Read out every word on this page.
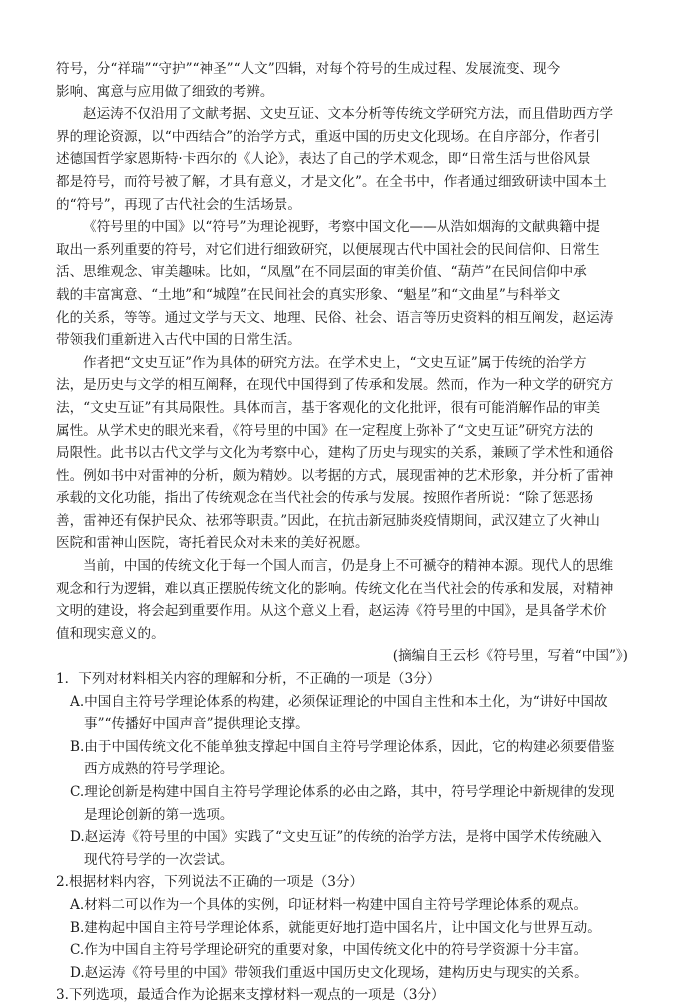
符号，分“祥瑞”“守护”“神圣”“人文”四辑，对每个符号的生成过程、发展流变、现今
影响、寓意与应用做了细致的考辨。
赵运涛不仅沿用了文献考据、文史互证、文本分析等传统文学研究方法，而且借助西方学
界的理论资源，以“中西结合”的治学方式，重返中国的历史文化现场。在自序部分，作者引
述德国哲学家恩斯特·卡西尔的《人论》，表达了自己的学术观念，即“日常生活与世俗风景
都是符号，而符号被了解，才具有意义，才是文化”。在全书中，作者通过细致研读中国本土
的“符号”，再现了古代社会的生活场景。
《符号里的中国》以“符号”为理论视野，考察中国文化——从浩如烟海的文献典籍中提
取出一系列重要的符号，对它们进行细致研究，以便展现古代中国社会的民间信仰、日常生
活、思维观念、审美趣味。比如，“凤凰”在不同层面的审美价值、“葫芦”在民间信仰中承
载的丰富寓意、“土地”和“城隍”在民间社会的真实形象、“魁星”和“文曲星”与科举文
化的关系，等等。通过文学与天文、地理、民俗、社会、语言等历史资料的相互阐发，赵运涛
带领我们重新进入古代中国的日常生活。
作者把“文史互证”作为具体的研究方法。在学术史上，“文史互证”属于传统的治学方
法，是历史与文学的相互阐释，在现代中国得到了传承和发展。然而，作为一种文学的研究方
法，“文史互证”有其局限性。具体而言，基于客观化的文化批评，很有可能消解作品的审美
属性。从学术史的眼光来看，《符号里的中国》在一定程度上弥补了“文史互证”研究方法的
局限性。此书以古代文学与文化为考察中心，建构了历史与现实的关系，兼顾了学术性和通俗
性。例如书中对雷神的分析，颇为精妙。以考据的方式，展现雷神的艺术形象，并分析了雷神
承载的文化功能，指出了传统观念在当代社会的传承与发展。按照作者所说：“除了惩恶扬
善，雷神还有保护民众、祛邪等职责。”因此，在抗击新冠肺炎疫情期间，武汉建立了火神山
医院和雷神山医院，寄托着民众对未来的美好祝愿。
当前，中国的传统文化于每一个国人而言，仍是身上不可褫夺的精神本源。现代人的思维
观念和行为逻辑，难以真正摆脱传统文化的影响。传统文化在当代社会的传承和发展，对精神
文明的建设，将会起到重要作用。从这个意义上看，赵运涛《符号里的中国》，是具备学术价
值和现实意义的。
(摘编自王云杉《符号里，写着“中国”》)
1．下列对材料相关内容的理解和分析，不正确的一项是（3分）
A.中国自主符号学理论体系的构建，必须保证理论的中国自主性和本土化，为“讲好中国故
事”“传播好中国声音”提供理论支撑。
B.由于中国传统文化不能单独支撑起中国自主符号学理论体系，因此，它的构建必须要借鉴
西方成熟的符号学理论。
C.理论创新是构建中国自主符号学理论体系的必由之路，其中，符号学理论中新规律的发现
是理论创新的第一选项。
D.赵运涛《符号里的中国》实践了“文史互证”的传统的治学方法，是将中国学术传统融入
现代符号学的一次尝试。
2.根据材料内容，下列说法不正确的一项是（3分）
A.材料二可以作为一个具体的实例，印证材料一构建中国自主符号学理论体系的观点。
B.建构起中国自主符号学理论体系，就能更好地打造中国名片，让中国文化与世界互动。
C.作为中国自主符号学理论研究的重要对象，中国传统文化中的符号学资源十分丰富。
D.赵运涛《符号里的中国》带领我们重返中国历史文化现场，建构历史与现实的关系。
3.下列选项，最适合作为论据来支撑材料一观点的一项是（3分）
